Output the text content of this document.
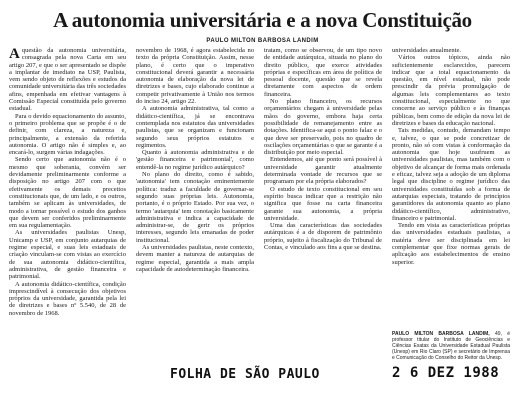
A autonomia universitária e a nova Constituição
PAULO MILTON BARBOSA LANDIM

A questão da autonomia universitária, consagrada pela nova Carta em seu artigo 207, e que o ser apresentado se dispõe a implantar de imediato na USP, Paulista, vem sendo objeto de reflexões e estudos da comunidade universitária das três sociedades afins, empenhada em efetivar vantagens à Comissão Especial constituída pelo governo estadual.

Para o devido equacionamento do assunto, o primeiro problema que se propõe é o de definir, com clareza, a natureza e, principalmente, a extensão da referida autonomia. O artigo não é simples e, ao encará-lo, surgem várias indagações.

Sendo certo que autonomia não é o mesmo que soberania, convém ser devidamente preliminarmente conforme a disposição no artigo 207 com o que efetivamente os demais preceitos constitucionais que, de um lado, e os outros, também se aplicam às universidades, de modo a tornar possível o estudo dos ganhos que devem ser conferidos preliminarmente em sua regulamentação.

As universidades paulistas Unesp, Unicamp e USP, em conjunto autarquias de regime especial, e suas leis estaduais de criação vinculam-se com vistas ao exercício de sua autonomia didático-científica, administrativa, de gestão financeira e patrimonial.

A autonomia didático-científica, condição imprescindível à consecução dos objetivos próprios da universidade, garantida pela lei de diretrizes e bases nº 5.540, de 28 de novembro de 1968.

novembro de 1968, é agora estabelecida no texto da própria Constituição. Assim, nesse plano, é certo que o imperativo constitucional deverá garantir a necessária autonomia de elaboração da nova lei de diretrizes e bases, cujo elaborado continue a competir privativamente à União nos termos do inciso 24, artigo 22.

A autonomia administrativa, tal como a didático-científica, já se encontrava contemplada nos estatutos das universidades paulistas, que se organizam e funcionam segundo seus próprios estatutos e regimentos.

Quanto à autonomia administrativa e de 'gestão financeira e patrimonial', como entendê-la no regime jurídico autárquico?

No plano do direito, como é sabido, 'autonomia' tem conotação eminentemente política: traduz a faculdade de governar-se segundo suas próprias leis. Autonomia, portanto, é o próprio Estado. Por sua vez, o termo 'autarquia' tem conotação basicamente administrativa e indica a capacidade de administrar-se, de gerir os próprios interesses, segundo leis emanadas de poder institucional.

As universidades paulistas, neste contexto, devem manter a natureza de autarquias de regime especial, garantida a mais ampla capacidade de autodeterminação financeira.

tratam, como se observou, de um tipo novo de entidade autárquica, situada no plano do direito público, que exerce atividades próprias e específicas em área de política de pessoal docente, questão que se revela diretamente com aspectos de ordem financeira.

No plano financeiro, os recursos orçamentários chegam à universidade pelas mãos do governo, embora haja certa possibilidade de remanejamento entre as dotações. Identifica-se aqui o ponto falaz e o que deve ser preservado, pois no quadro de oscilações orçamentárias o que se garante é a distribuição por meio especial.

Entendemos, até que ponto será possível à universidade garantir atualmente determinada vontade de recursos que se programam por ela própria elaborados?

O estudo de texto constitucional em seu espírito busca indicar que a restrição não significa que fosse na carta financeira garante sua autonomia, a própria universidade.

Uma das características das sociedades autárquicas é a de disporem de patrimônio próprio, sujeito à fiscalização do Tribunal de Contas, e vinculado aos fins a que se destina.

universidades anualmente.

Vários outros tópicos, ainda não suficientemente esclarecidos, parecem indicar que a total equacionamento da questão, em nível estadual, não pode prescindir da prévia promulgação de algumas leis complementares ao texto constitucional, especialmente no que concerne ao serviço público e às finanças públicas, bem como de edição da nova lei de diretrizes e bases da educação nacional.

Tais medidas, contudo, demandam tempo e, talvez, o que se pode concretizar de pronto, não só com vistas à conformação da autonomia que hoje usufruem as universidades paulistas, mas também com o objetivo de alcançar de forma mais ordenada e eficaz, talvez seja a adoção de um diploma legal que discipline o regime jurídico das universidades constituídas sob a forma de autarquias especiais, tratando de princípios garantidores da autonomia quanto ao plano didático-científico, administrativo, financeiro e patrimonial.

Tendo em vista as características próprias das universidades estaduais paulistas, a matéria deve ser disciplinada em lei complementar que fixe normas gerais de aplicação aos estabelecimentos de ensino superior.

PAULO MILTON BARBOSA LANDIM, 49, é professor titular do Instituto de Geociências e Ciências Exatas da Universidade Estadual Paulista (Unesp) em Rio Claro (SP) e secretário de Imprensa e Comunicação do Conselho do Reitor da Unesp.
FOLHA DE SÃO PAULO	2 6 DEZ 1988
